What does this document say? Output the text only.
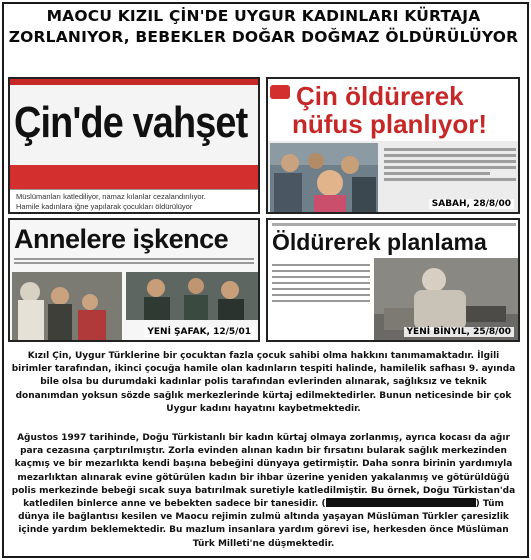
MAOCU KIZIL ÇİN'DE UYGUR KADINLARI KÜRTAJA ZORLANIYOR, BEBEKLER DOĞAR DOĞMAZ ÖLDÜRÜLÜYOR
Çin'de vahşet
Müslümanları katlediliyor, namaz kılanlar cezalandırılıyor.
Hamile kadınlara iğne yapılarak çocukları öldürülüyor
Çin öldürerek
nüfus planlıyor!
SABAH, 28/8/00
Annelere işkence
YENİ ŞAFAK, 12/5/01
Öldürerek planlama
YENİ BİNYIL, 25/8/00
Kızıl Çin, Uygur Türklerine bir çocuktan fazla çocuk sahibi olma hakkını tanımamaktadır. İlgili birimler tarafından, ikinci çocuğa hamile olan kadınların tespiti halinde, hamilelik safhası 9. ayında bile olsa bu durumdaki kadınlar polis tarafından evlerinden alınarak, sağlıksız ve teknik donanımdan yoksun sözde sağlık merkezlerinde kürtaj edilmektedirler. Bunun neticesinde bir çok Uygur kadını hayatını kaybetmektedir.
Ağustos 1997 tarihinde, Doğu Türkistanlı bir kadın kürtaj olmaya zorlanmış, ayrıca kocası da ağır para cezasına çarptırılmıştır. Zorla evinden alınan kadın bir fırsatını bularak sağlık merkezinden kaçmış ve bir mezarlıkta kendi başına bebeğini dünyaya getirmiştir. Daha sonra birinin yardımıyla mezarlıktan alınarak evine götürülen kadın bir ihbar üzerine yeniden yakalanmış ve götürüldüğü polis merkezinde bebeği sıcak suya batırılmak suretiyle katledilmiştir. Bu örnek, Doğu Türkistan'da katledilen binlerce anne ve bebekten sadece bir tanesidir. (	) Tüm dünya ile bağlantısı kesilen ve Maocu rejimin zulmü altında yaşayan Müslüman Türkler çaresizlik içinde yardım beklemektedir. Bu mazlum insanlara yardım görevi ise, herkesden önce Müslüman Türk Milleti'ne düşmektedir.
